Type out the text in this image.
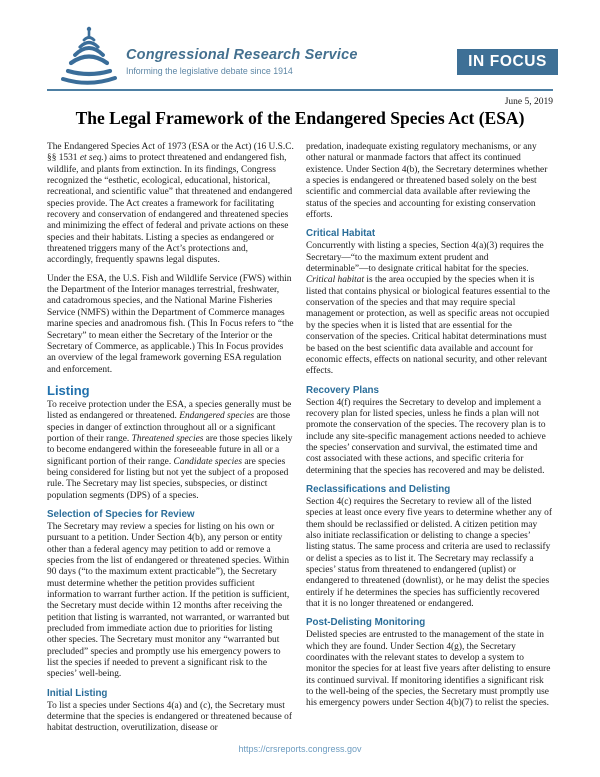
Congressional Research Service
Informing the legislative debate since 1914
IN FOCUS
June 5, 2019
The Legal Framework of the Endangered Species Act (ESA)

The Endangered Species Act of 1973 (ESA or the Act) (16 U.S.C. §§ 1531 et seq.) aims to protect threatened and endangered fish, wildlife, and plants from extinction. In its findings, Congress recognized the “esthetic, ecological, educational, historical, recreational, and scientific value” that threatened and endangered species provide. The Act creates a framework for facilitating recovery and conservation of endangered and threatened species and minimizing the effect of federal and private actions on these species and their habitats. Listing a species as endangered or threatened triggers many of the Act’s protections and, accordingly, frequently spawns legal disputes.

Under the ESA, the U.S. Fish and Wildlife Service (FWS) within the Department of the Interior manages terrestrial, freshwater, and catadromous species, and the National Marine Fisheries Service (NMFS) within the Department of Commerce manages marine species and anadromous fish. (This In Focus refers to “the Secretary” to mean either the Secretary of the Interior or the Secretary of Commerce, as applicable.) This In Focus provides an overview of the legal framework governing ESA regulation and enforcement.

Listing

To receive protection under the ESA, a species generally must be listed as endangered or threatened. Endangered species are those species in danger of extinction throughout all or a significant portion of their range. Threatened species are those species likely to become endangered within the foreseeable future in all or a significant portion of their range. Candidate species are species being considered for listing but not yet the subject of a proposed rule. The Secretary may list species, subspecies, or distinct population segments (DPS) of a species.

Selection of Species for Review

The Secretary may review a species for listing on his own or pursuant to a petition. Under Section 4(b), any person or entity other than a federal agency may petition to add or remove a species from the list of endangered or threatened species. Within 90 days (“to the maximum extent practicable”), the Secretary must determine whether the petition provides sufficient information to warrant further action. If the petition is sufficient, the Secretary must decide within 12 months after receiving the petition that listing is warranted, not warranted, or warranted but precluded from immediate action due to priorities for listing other species. The Secretary must monitor any “warranted but precluded” species and promptly use his emergency powers to list the species if needed to prevent a significant risk to the species’ well-being.

Initial Listing

To list a species under Sections 4(a) and (c), the Secretary must determine that the species is endangered or threatened because of habitat destruction, overutilization, disease or

predation, inadequate existing regulatory mechanisms, or any other natural or manmade factors that affect its continued existence. Under Section 4(b), the Secretary determines whether a species is endangered or threatened based solely on the best scientific and commercial data available after reviewing the status of the species and accounting for existing conservation efforts.

Critical Habitat

Concurrently with listing a species, Section 4(a)(3) requires the Secretary—“to the maximum extent prudent and determinable”—to designate critical habitat for the species. Critical habitat is the area occupied by the species when it is listed that contains physical or biological features essential to the conservation of the species and that may require special management or protection, as well as specific areas not occupied by the species when it is listed that are essential for the conservation of the species. Critical habitat determinations must be based on the best scientific data available and account for economic effects, effects on national security, and other relevant effects.

Recovery Plans

Section 4(f) requires the Secretary to develop and implement a recovery plan for listed species, unless he finds a plan will not promote the conservation of the species. The recovery plan is to include any site-specific management actions needed to achieve the species’ conservation and survival, the estimated time and cost associated with these actions, and specific criteria for determining that the species has recovered and may be delisted.

Reclassifications and Delisting

Section 4(c) requires the Secretary to review all of the listed species at least once every five years to determine whether any of them should be reclassified or delisted. A citizen petition may also initiate reclassification or delisting to change a species’ listing status. The same process and criteria are used to reclassify or delist a species as to list it. The Secretary may reclassify a species’ status from threatened to endangered (uplist) or endangered to threatened (downlist), or he may delist the species entirely if he determines the species has sufficiently recovered that it is no longer threatened or endangered.

Post-Delisting Monitoring

Delisted species are entrusted to the management of the state in which they are found. Under Section 4(g), the Secretary coordinates with the relevant states to develop a system to monitor the species for at least five years after delisting to ensure its continued survival. If monitoring identifies a significant risk to the well-being of the species, the Secretary must promptly use his emergency powers under Section 4(b)(7) to relist the species.

https://crsreports.congress.gov
